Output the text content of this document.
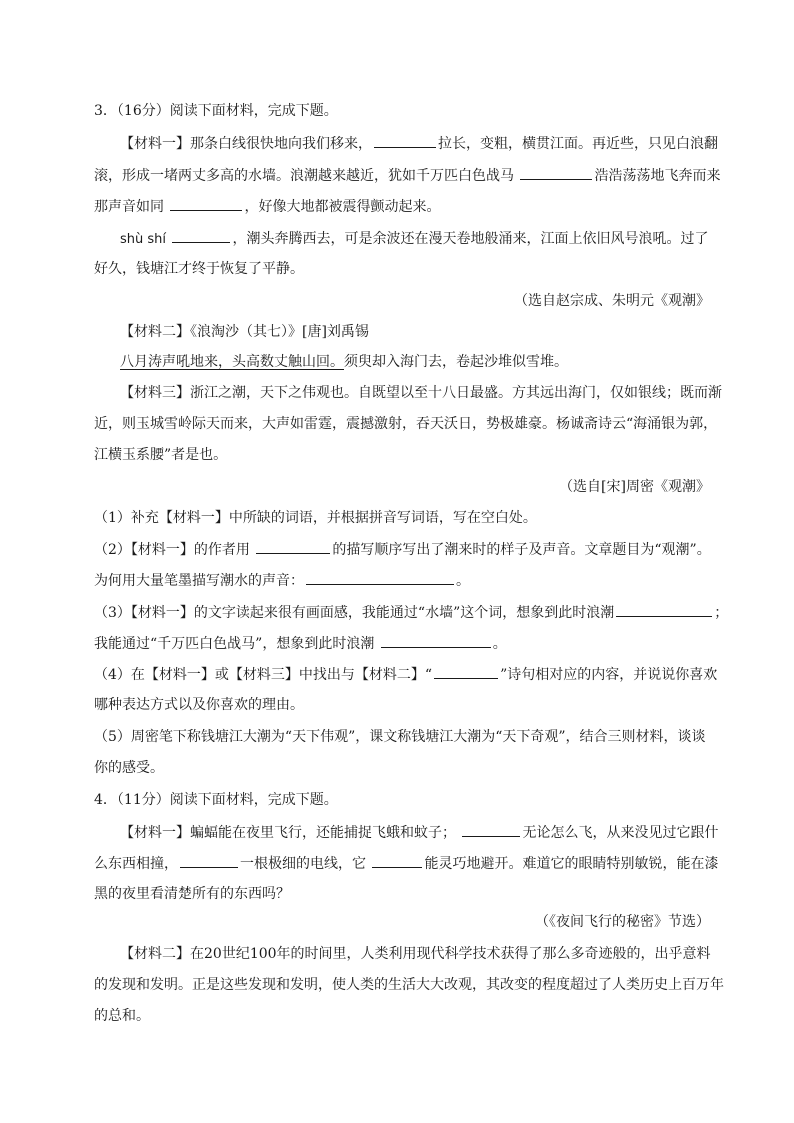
3．（16分）阅读下面材料，完成下题。
【材料一】那条白线很快地向我们移来，	拉长，变粗，横贯江面。再近些，只见白浪翻
滚，形成一堵两丈多高的水墙。浪潮越来越近，犹如千万匹白色战马	浩浩荡荡地飞奔而来
那声音如同	，好像大地都被震得颤动起来。
shù shí	，潮头奔腾西去，可是余波还在漫天卷地般涌来，江面上依旧风号浪吼。过了
好久，钱塘江才终于恢复了平静。
（选自赵宗成、朱明元《观潮》
【材料二】《浪淘沙（其七）》[唐]刘禹锡
八月涛声吼地来，头高数丈触山回。须臾却入海门去，卷起沙堆似雪堆。
【材料三】浙江之潮，天下之伟观也。自既望以至十八日最盛。方其远出海门，仅如银线；既而渐
近，则玉城雪岭际天而来，大声如雷霆，震撼激射，吞天沃日，势极雄豪。杨诚斋诗云“海涌银为郭，
江横玉系腰”者是也。
（选自[宋]周密《观潮》
（1）补充【材料一】中所缺的词语，并根据拼音写词语，写在空白处。
（2）【材料一】的作者用	的描写顺序写出了潮来时的样子及声音。文章题目为“观潮”。
为何用大量笔墨描写潮水的声音：	。
（3）【材料一】的文字读起来很有画面感，我能通过“水墙”这个词，想象到此时浪潮	；
我能通过“千万匹白色战马”，想象到此时浪潮	。
（4）在【材料一】或【材料三】中找出与【材料二】“	”诗句相对应的内容，并说说你喜欢
哪种表达方式以及你喜欢的理由。
（5）周密笔下称钱塘江大潮为“天下伟观”，课文称钱塘江大潮为“天下奇观”，结合三则材料，谈谈
你的感受。
4．（11分）阅读下面材料，完成下题。
【材料一】蝙蝠能在夜里飞行，还能捕捉飞蛾和蚊子；	无论怎么飞，从来没见过它跟什
么东西相撞，	一根极细的电线，它	能灵巧地避开。难道它的眼睛特别敏锐，能在漆
黑的夜里看清楚所有的东西吗？
（《夜间飞行的秘密》节选）
【材料二】在20世纪100年的时间里，人类利用现代科学技术获得了那么多奇迹般的，出乎意料
的发现和发明。正是这些发现和发明，使人类的生活大大改观，其改变的程度超过了人类历史上百万年
的总和。
